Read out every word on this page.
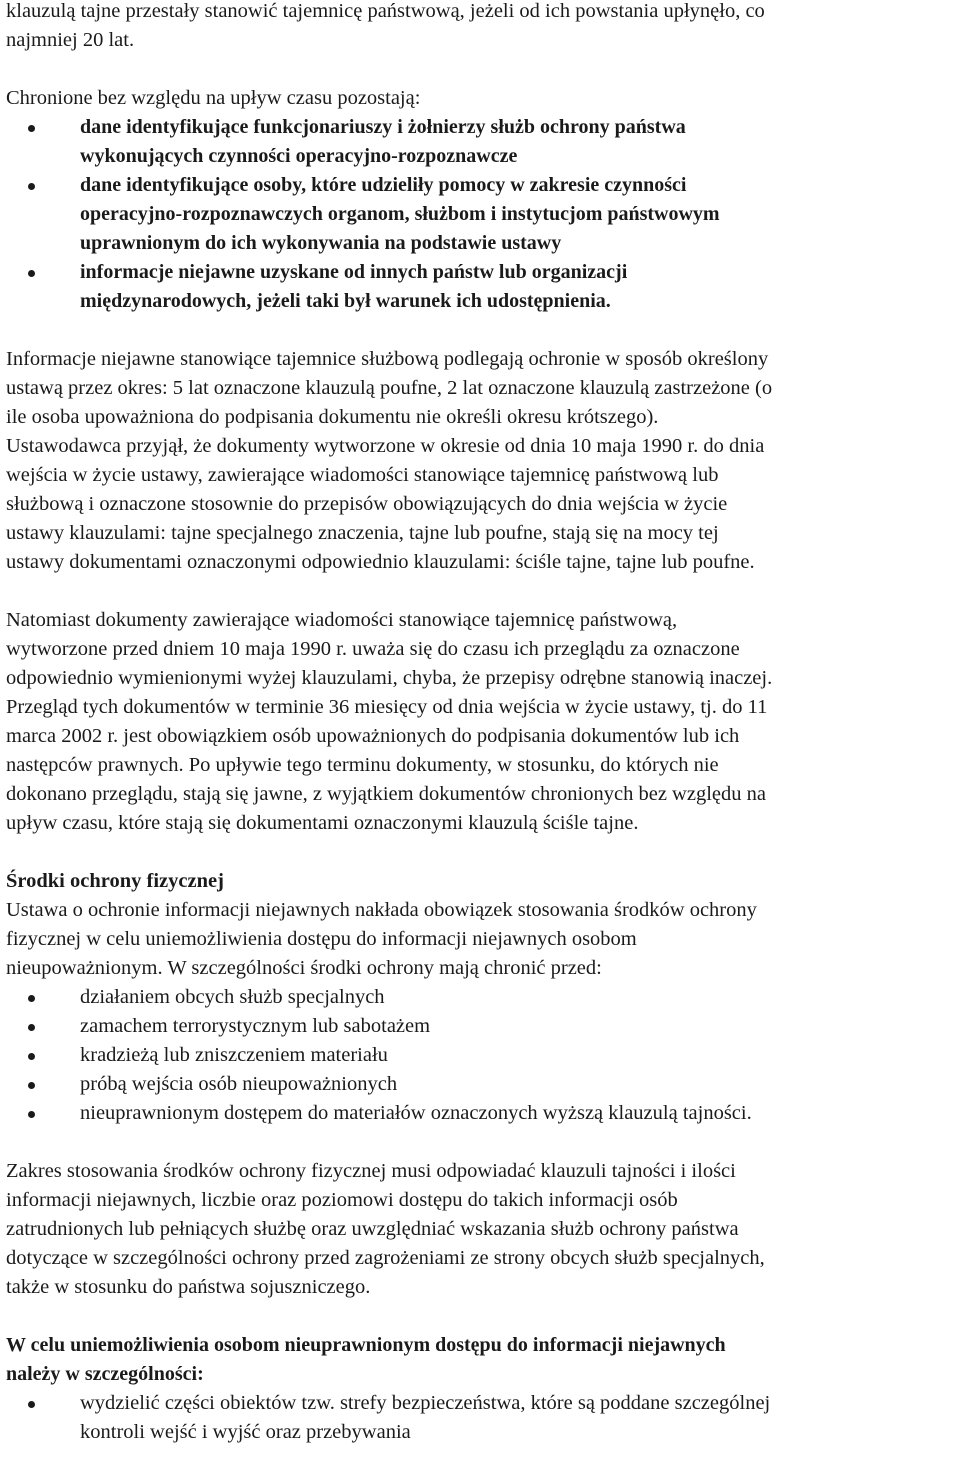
klauzulą tajne przestały stanowić tajemnicę państwową, jeżeli od ich powstania upłynęło, co
najmniej 20 lat.
Chronione bez względu na upływ czasu pozostają:
dane identyfikujące funkcjonariuszy i żołnierzy służb ochrony państwa
wykonujących czynności operacyjno-rozpoznawcze
dane identyfikujące osoby, które udzieliły pomocy w zakresie czynności
operacyjno-rozpoznawczych organom, służbom i instytucjom państwowym
uprawnionym do ich wykonywania na podstawie ustawy
informacje niejawne uzyskane od innych państw lub organizacji
międzynarodowych, jeżeli taki był warunek ich udostępnienia.
Informacje niejawne stanowiące tajemnice służbową podlegają ochronie w sposób określony
ustawą przez okres: 5 lat oznaczone klauzulą poufne, 2 lat oznaczone klauzulą zastrzeżone (o
ile osoba upoważniona do podpisania dokumentu nie określi okresu krótszego).
Ustawodawca przyjął, że dokumenty wytworzone w okresie od dnia 10 maja 1990 r. do dnia
wejścia w życie ustawy, zawierające wiadomości stanowiące tajemnicę państwową lub
służbową i oznaczone stosownie do przepisów obowiązujących do dnia wejścia w życie
ustawy klauzulami: tajne specjalnego znaczenia, tajne lub poufne, stają się na mocy tej
ustawy dokumentami oznaczonymi odpowiednio klauzulami: ściśle tajne, tajne lub poufne.
Natomiast dokumenty zawierające wiadomości stanowiące tajemnicę państwową,
wytworzone przed dniem 10 maja 1990 r. uważa się do czasu ich przeglądu za oznaczone
odpowiednio wymienionymi wyżej klauzulami, chyba, że przepisy odrębne stanowią inaczej.
Przegląd tych dokumentów w terminie 36 miesięcy od dnia wejścia w życie ustawy, tj. do 11
marca 2002 r. jest obowiązkiem osób upoważnionych do podpisania dokumentów lub ich
następców prawnych. Po upływie tego terminu dokumenty, w stosunku, do których nie
dokonano przeglądu, stają się jawne, z wyjątkiem dokumentów chronionych bez względu na
upływ czasu, które stają się dokumentami oznaczonymi klauzulą ściśle tajne.
Środki ochrony fizycznej
Ustawa o ochronie informacji niejawnych nakłada obowiązek stosowania środków ochrony
fizycznej w celu uniemożliwienia dostępu do informacji niejawnych osobom
nieupoważnionym. W szczególności środki ochrony mają chronić przed:
działaniem obcych służb specjalnych
zamachem terrorystycznym lub sabotażem
kradzieżą lub zniszczeniem materiału
próbą wejścia osób nieupoważnionych
nieuprawnionym dostępem do materiałów oznaczonych wyższą klauzulą tajności.
Zakres stosowania środków ochrony fizycznej musi odpowiadać klauzuli tajności i ilości
informacji niejawnych, liczbie oraz poziomowi dostępu do takich informacji osób
zatrudnionych lub pełniących służbę oraz uwzględniać wskazania służb ochrony państwa
dotyczące w szczególności ochrony przed zagrożeniami ze strony obcych służb specjalnych,
także w stosunku do państwa sojuszniczego.
W celu uniemożliwienia osobom nieuprawnionym dostępu do informacji niejawnych
należy w szczególności:
wydzielić części obiektów tzw. strefy bezpieczeństwa, które są poddane szczególnej
kontroli wejść i wyjść oraz przebywania
